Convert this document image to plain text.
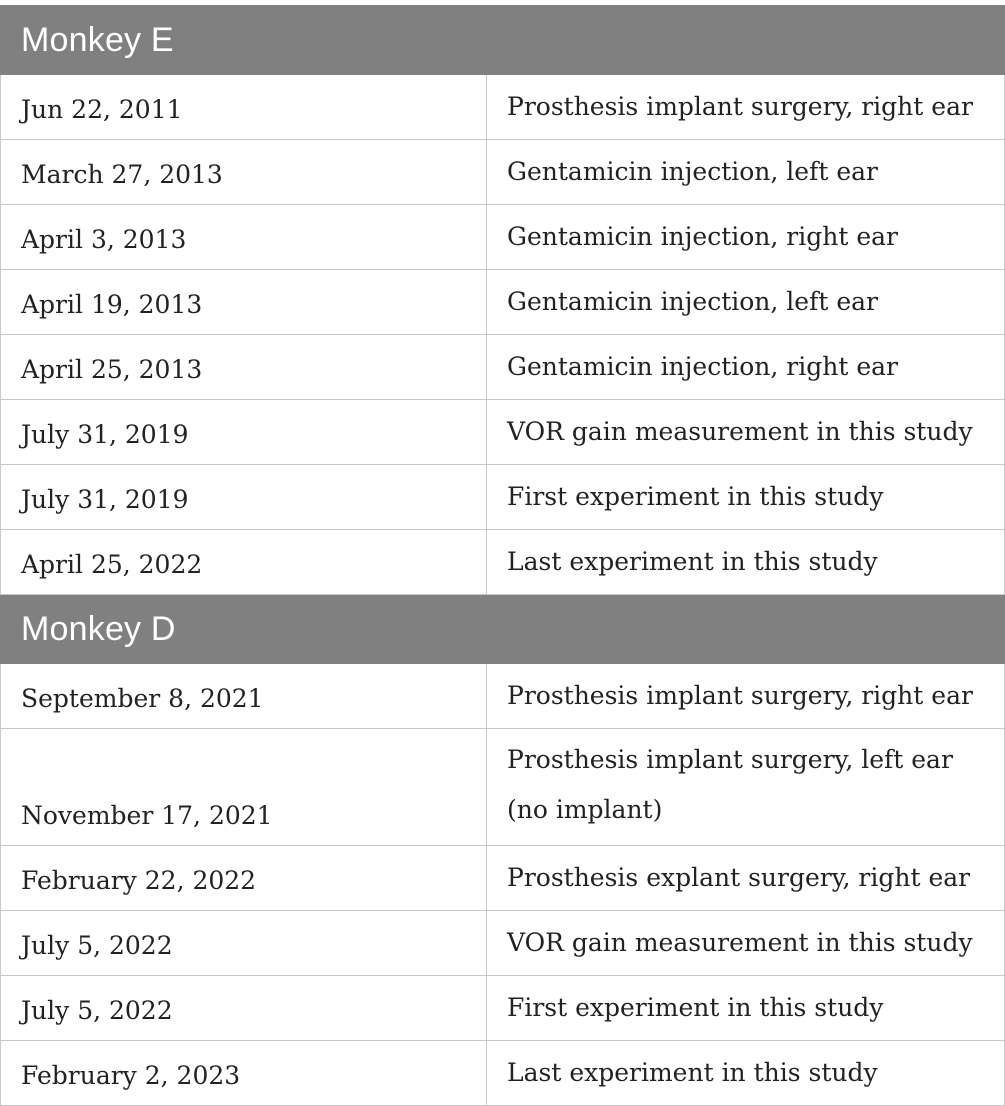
Monkey E	
Jun 22, 2011	Prosthesis implant surgery, right ear
March 27, 2013	Gentamicin injection, left ear
April 3, 2013	Gentamicin injection, right ear
April 19, 2013	Gentamicin injection, left ear
April 25, 2013	Gentamicin injection, right ear
July 31, 2019	VOR gain measurement in this study
July 31, 2019	First experiment in this study
April 25, 2022	Last experiment in this study
Monkey D	
September 8, 2021	Prosthesis implant surgery, right ear
November 17, 2021	Prosthesis implant surgery, left ear (no implant)
February 22, 2022	Prosthesis explant surgery, right ear
July 5, 2022	VOR gain measurement in this study
July 5, 2022	First experiment in this study
February 2, 2023	Last experiment in this study
